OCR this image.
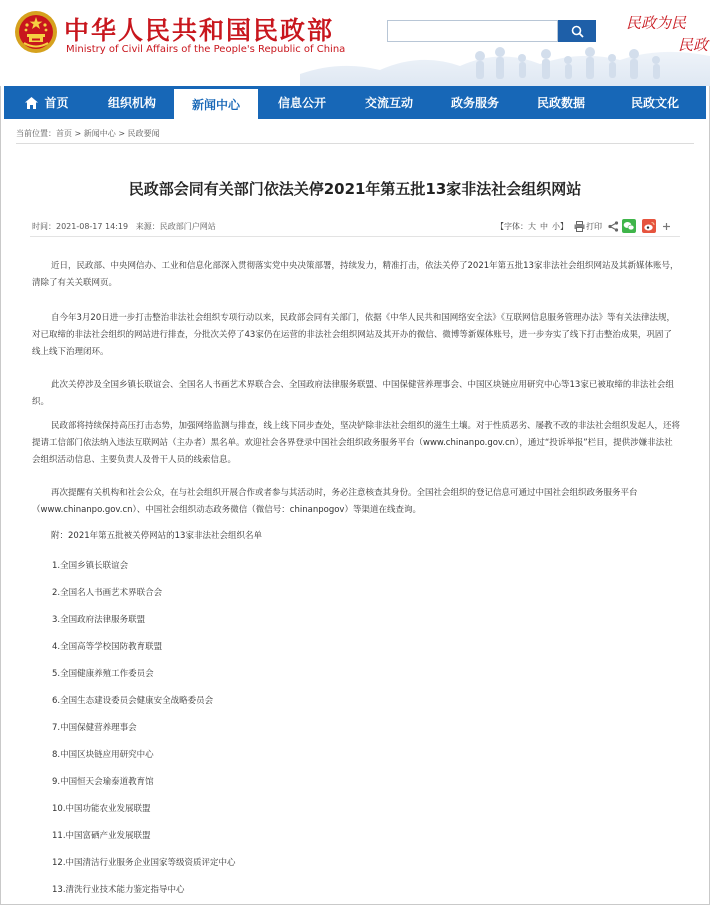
中华人民共和国民政部
Ministry of Civil Affairs of the People's Republic of China
民政为民
民政
首页	组织机构	新闻中心	信息公开	交流互动	政务服务	民政数据	民政文化
当前位置：首页 > 新闻中心 > 民政要闻
民政部会同有关部门依法关停2021年第五批13家非法社会组织网站
时间：2021-08-17 14:19 来源：民政部门户网站	【字体： 大 中 小 】 打印

近日，民政部、中央网信办、工业和信息化部深入贯彻落实党中央决策部署，持续发力，精准打击，依法关停了2021年第五批13家非法社会组织网站及其新媒体账号，清除了有关关联网页。

自今年3月20日进一步打击整治非法社会组织专项行动以来，民政部会同有关部门，依据《中华人民共和国网络安全法》《互联网信息服务管理办法》等有关法律法规，对已取缔的非法社会组织的网站进行排查，分批次关停了43家仍在运营的非法社会组织网站及其开办的微信、微博等新媒体账号，进一步夯实了线下打击整治成果，巩固了线上线下治理闭环。

此次关停涉及全国乡镇长联谊会、全国名人书画艺术界联合会、全国政府法律服务联盟、中国保健营养理事会、中国区块链应用研究中心等13家已被取缔的非法社会组织。

民政部将持续保持高压打击态势，加强网络监测与排查，线上线下同步查处，坚决铲除非法社会组织的滋生土壤。对于性质恶劣、屡教不改的非法社会组织发起人，还将提请工信部门依法纳入违法互联网站（主办者）黑名单。欢迎社会各界登录中国社会组织政务服务平台（www.chinanpo.gov.cn），通过“投诉举报”栏目，提供涉嫌非法社会组织活动信息、主要负责人及骨干人员的线索信息。

再次提醒有关机构和社会公众，在与社会组织开展合作或者参与其活动时，务必注意核查其身份。全国社会组织的登记信息可通过中国社会组织政务服务平台（www.chinanpo.gov.cn）、中国社会组织动态政务微信（微信号：chinanpogov）等渠道在线查询。

附：2021年第五批被关停网站的13家非法社会组织名单

1.全国乡镇长联谊会
2.全国名人书画艺术界联合会
3.全国政府法律服务联盟
4.全国高等学校国防教育联盟
5.全国健康养殖工作委员会
6.全国生态建设委员会健康安全战略委员会
7.中国保健营养理事会
8.中国区块链应用研究中心
9.中国恒天会瑜泰道教育馆
10.中国功能农业发展联盟
11.中国富硒产业发展联盟
12.中国清洁行业服务企业国家等级资质评定中心
13.清洗行业技术能力鉴定指导中心
